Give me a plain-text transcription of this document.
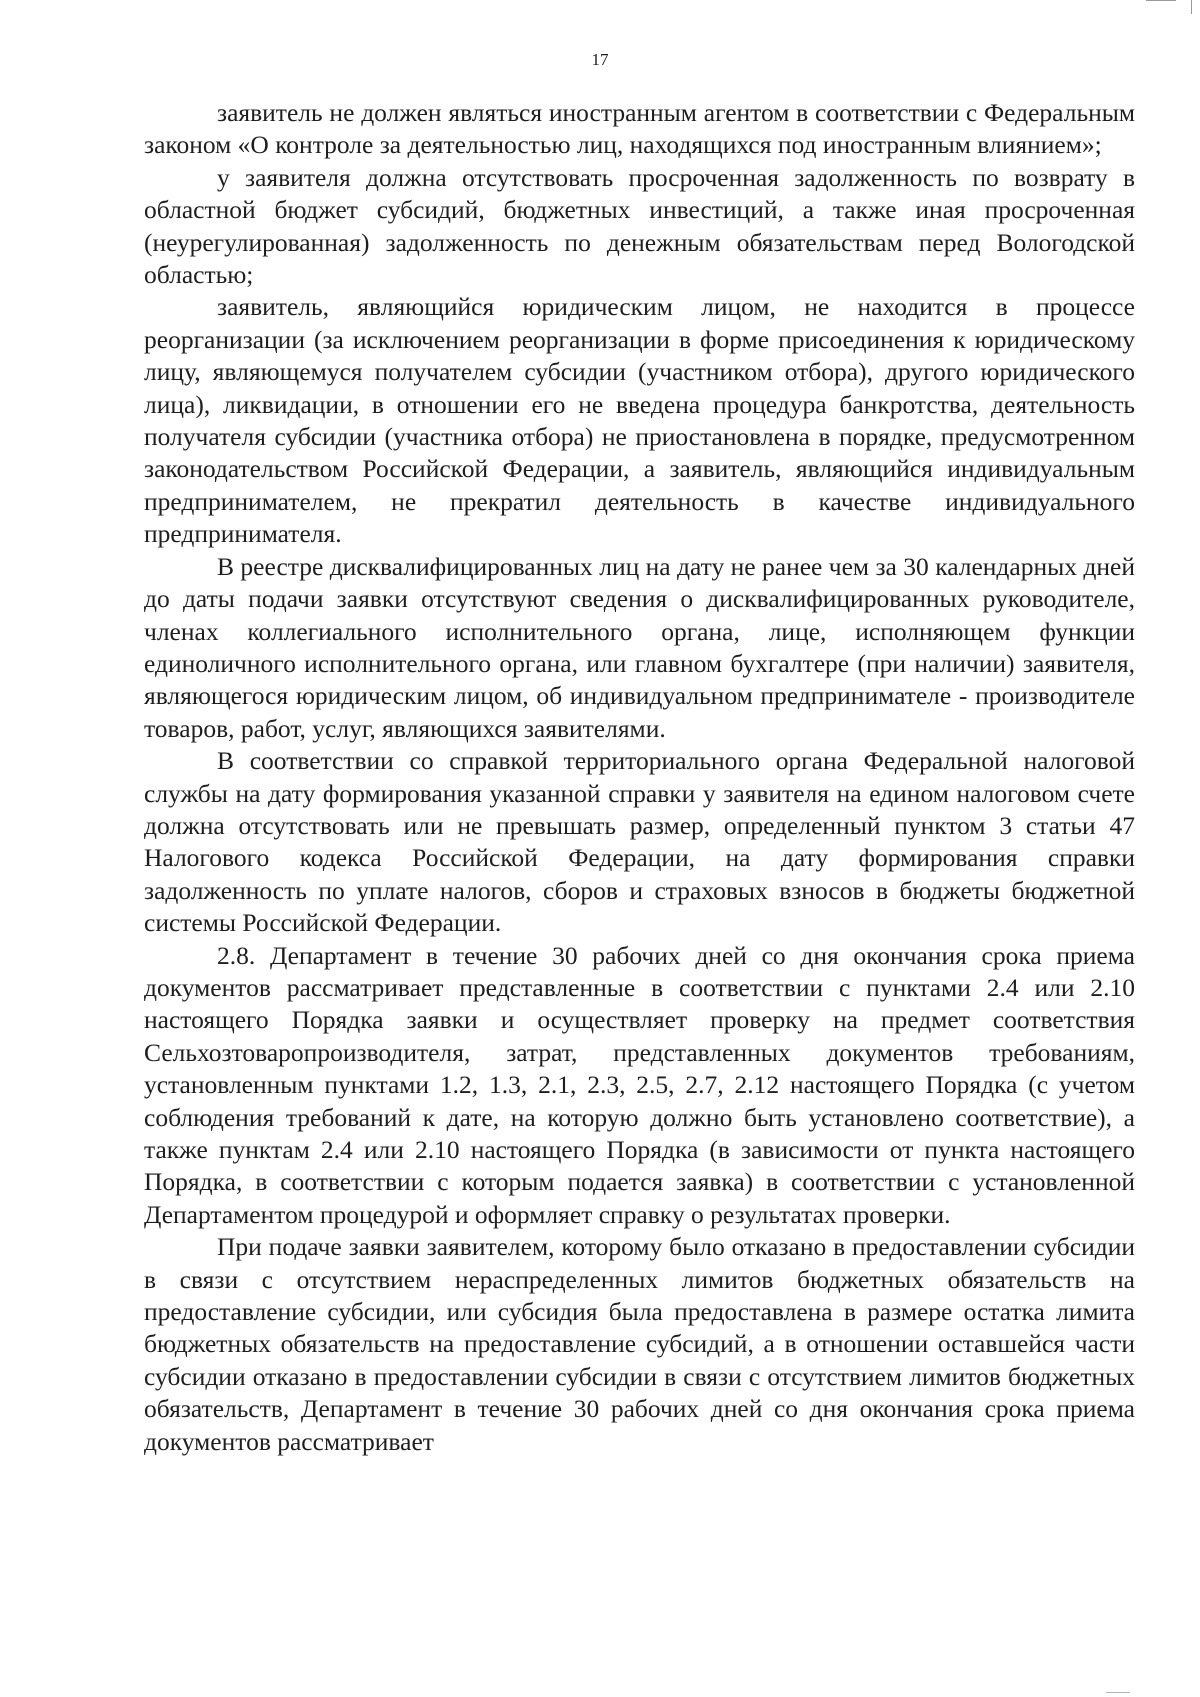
17

заявитель не должен являться иностранным агентом в соответствии с Федеральным законом «О контроле за деятельностью лиц, находящихся под иностранным влиянием»;

у заявителя должна отсутствовать просроченная задолженность по возврату в областной бюджет субсидий, бюджетных инвестиций, а также иная просроченная (неурегулированная) задолженность по денежным обязательствам перед Вологодской областью;

заявитель, являющийся юридическим лицом, не находится в процессе реорганизации (за исключением реорганизации в форме присоединения к юридическому лицу, являющемуся получателем субсидии (участником отбора), другого юридического лица), ликвидации, в отношении его не введена процедура банкротства, деятельность получателя субсидии (участника отбора) не приостановлена в порядке, предусмотренном законодательством Российской Федерации, а заявитель, являющийся индивидуальным предпринимателем, не прекратил деятельность в качестве индивидуального предпринимателя.

В реестре дисквалифицированных лиц на дату не ранее чем за 30 календарных дней до даты подачи заявки отсутствуют сведения о дисквалифицированных руководителе, членах коллегиального исполнительного органа, лице, исполняющем функции единоличного исполнительного органа, или главном бухгалтере (при наличии) заявителя, являющегося юридическим лицом, об индивидуальном предпринимателе - производителе товаров, работ, услуг, являющихся заявителями.

В соответствии со справкой территориального органа Федеральной налоговой службы на дату формирования указанной справки у заявителя на едином налоговом счете должна отсутствовать или не превышать размер, определенный пунктом 3 статьи 47 Налогового кодекса Российской Федерации, на дату формирования справки задолженность по уплате налогов, сборов и страховых взносов в бюджеты бюджетной системы Российской Федерации.

2.8. Департамент в течение 30 рабочих дней со дня окончания срока приема документов рассматривает представленные в соответствии с пунктами 2.4 или 2.10 настоящего Порядка заявки и осуществляет проверку на предмет соответствия Сельхозтоваропроизводителя, затрат, представленных документов требованиям, установленным пунктами 1.2, 1.3, 2.1, 2.3, 2.5, 2.7, 2.12 настоящего Порядка (с учетом соблюдения требований к дате, на которую должно быть установлено соответствие), а также пунктам 2.4 или 2.10 настоящего Порядка (в зависимости от пункта настоящего Порядка, в соответствии с которым подается заявка) в соответствии с установленной Департаментом процедурой и оформляет справку о результатах проверки.

При подаче заявки заявителем, которому было отказано в предоставлении субсидии в связи с отсутствием нераспределенных лимитов бюджетных обязательств на предоставление субсидии, или субсидия была предоставлена в размере остатка лимита бюджетных обязательств на предоставление субсидий, а в отношении оставшейся части субсидии отказано в предоставлении субсидии в связи с отсутствием лимитов бюджетных обязательств, Департамент в течение 30 рабочих дней со дня окончания срока приема документов рассматривает
